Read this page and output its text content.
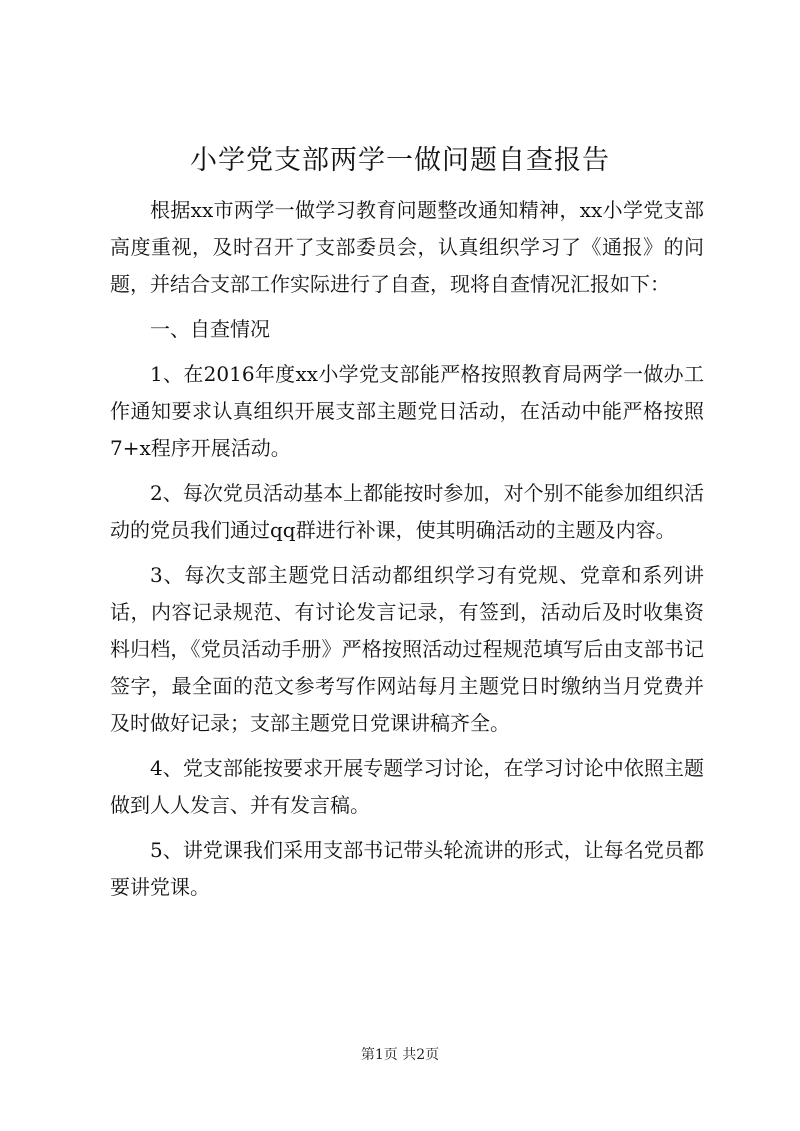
小学党支部两学一做问题自查报告

根据xx市两学一做学习教育问题整改通知精神，xx小学党支部高度重视，及时召开了支部委员会，认真组织学习了《通报》的问题，并结合支部工作实际进行了自查，现将自查情况汇报如下：

一、自查情况

1、在2016年度xx小学党支部能严格按照教育局两学一做办工作通知要求认真组织开展支部主题党日活动，在活动中能严格按照7+x程序开展活动。

2、每次党员活动基本上都能按时参加，对个别不能参加组织活动的党员我们通过qq群进行补课，使其明确活动的主题及内容。

3、每次支部主题党日活动都组织学习有党规、党章和系列讲话，内容记录规范、有讨论发言记录，有签到，活动后及时收集资料归档，《党员活动手册》严格按照活动过程规范填写后由支部书记签字，最全面的范文参考写作网站每月主题党日时缴纳当月党费并及时做好记录；支部主题党日党课讲稿齐全。

4、党支部能按要求开展专题学习讨论，在学习讨论中依照主题做到人人发言、并有发言稿。

5、讲党课我们采用支部书记带头轮流讲的形式，让每名党员都要讲党课。

第1页 共2页
